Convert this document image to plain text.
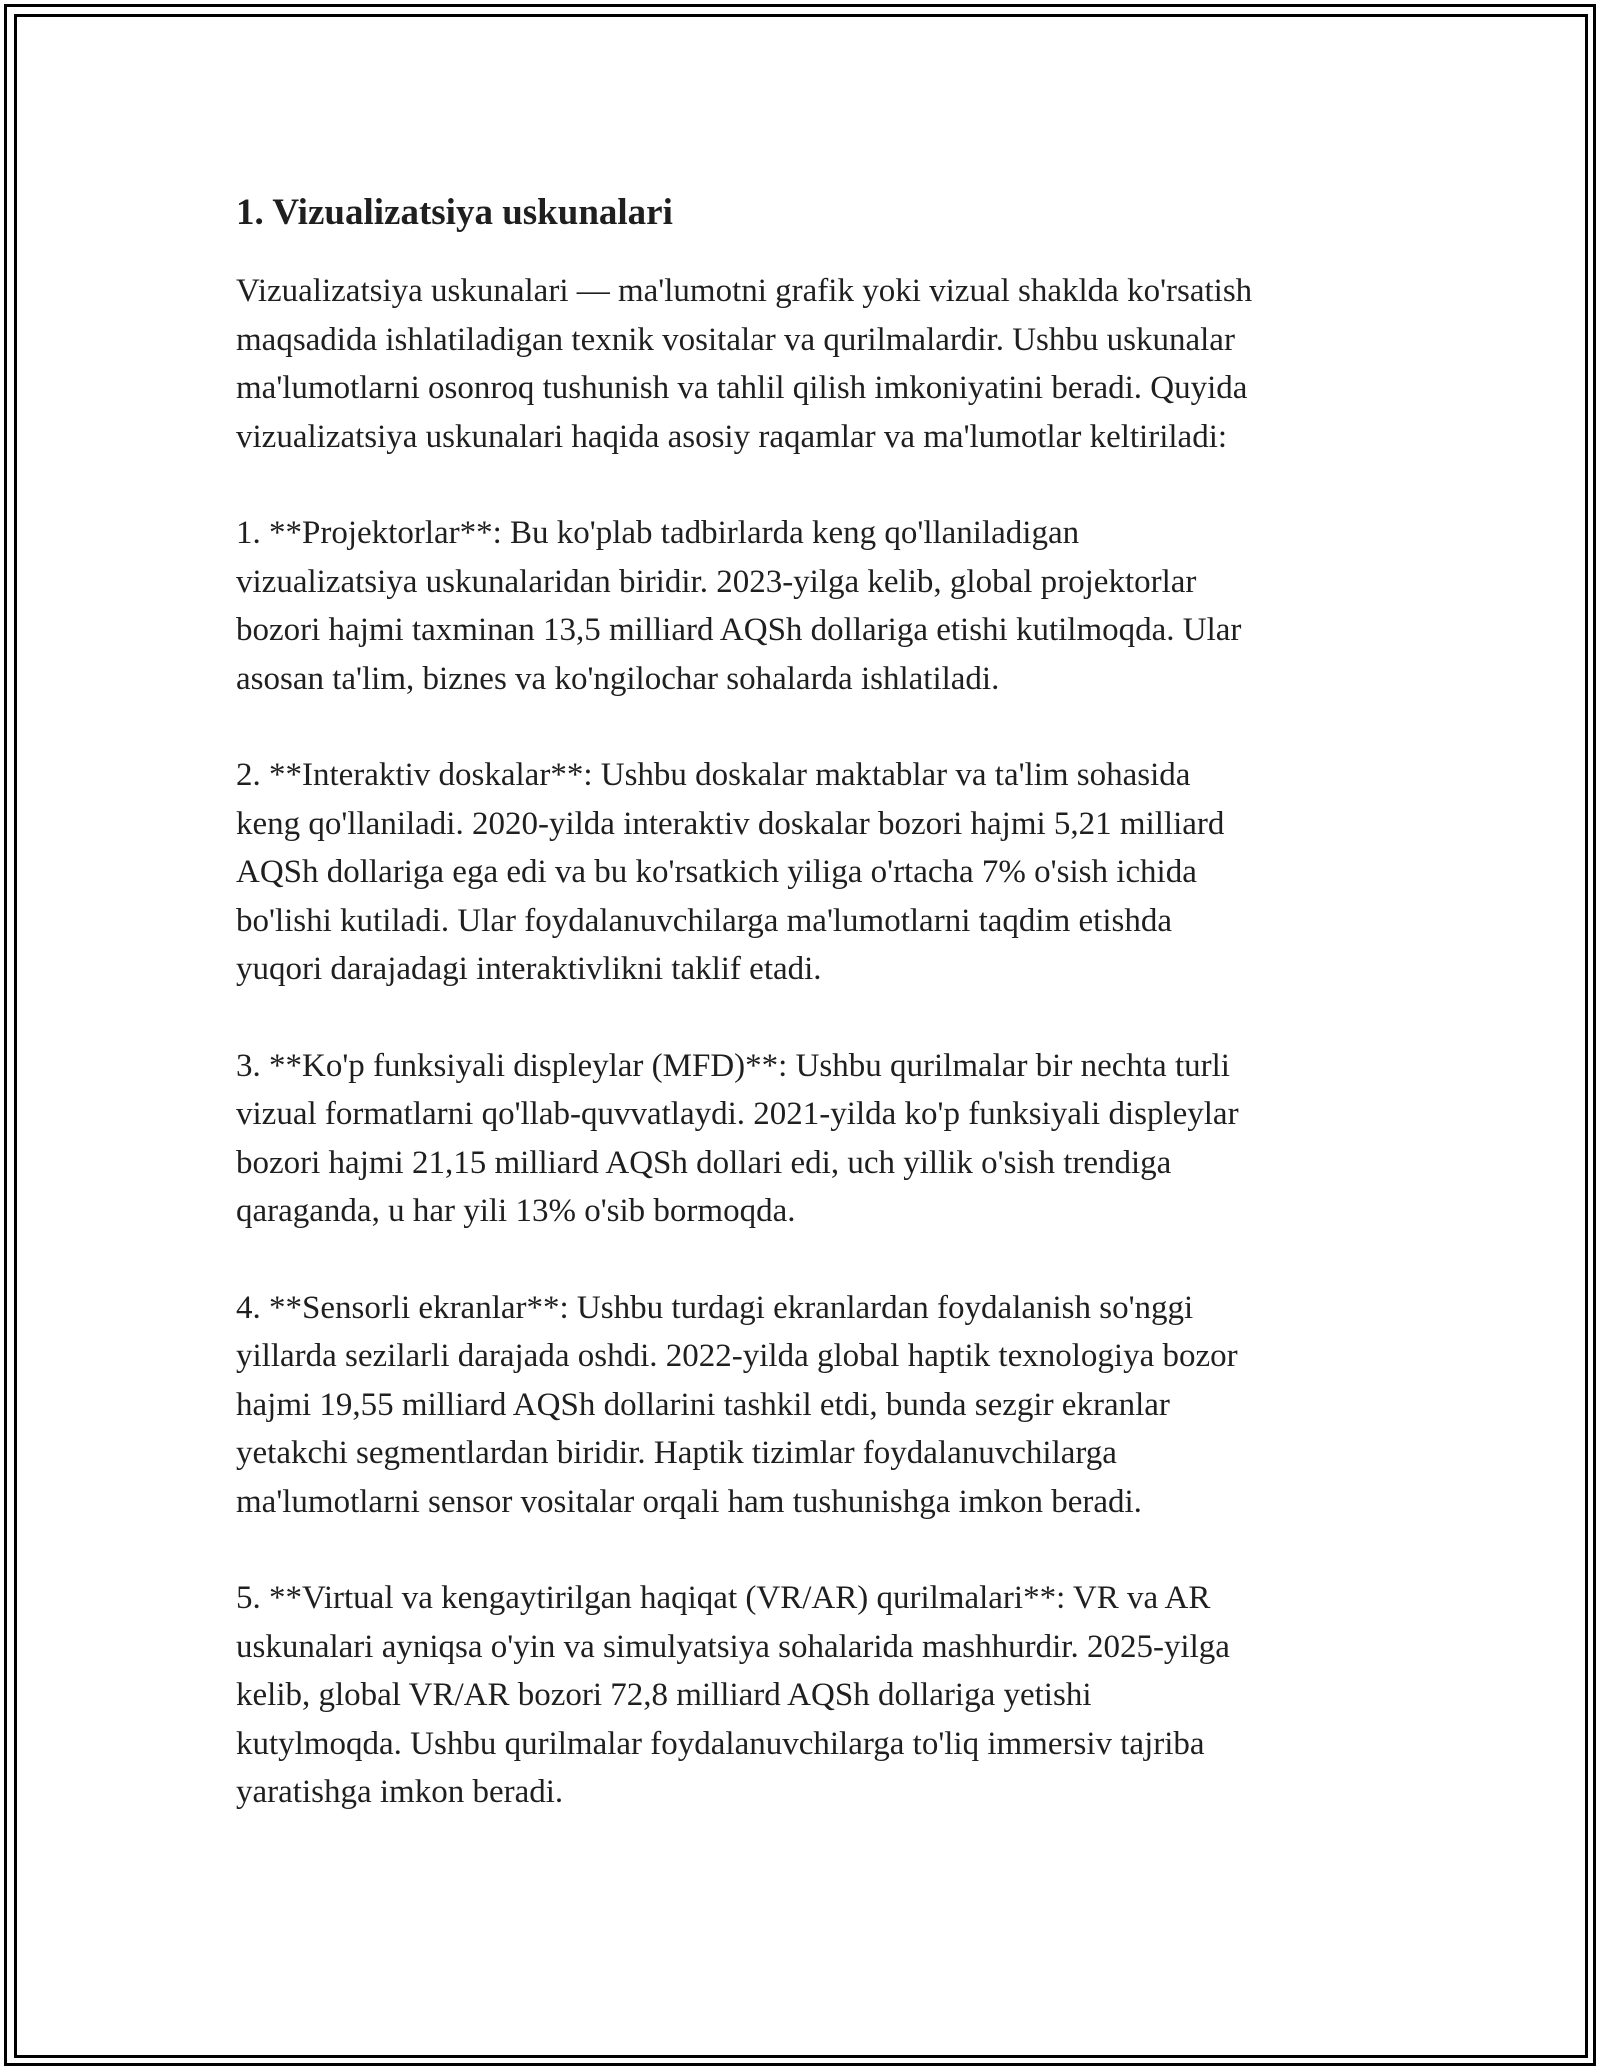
1. Vizualizatsiya uskunalari

Vizualizatsiya uskunalari — ma'lumotni grafik yoki vizual shaklda ko'rsatish
maqsadida ishlatiladigan texnik vositalar va qurilmalardir. Ushbu uskunalar
ma'lumotlarni osonroq tushunish va tahlil qilish imkoniyatini beradi. Quyida
vizualizatsiya uskunalari haqida asosiy raqamlar va ma'lumotlar keltiriladi:

1. **Projektorlar**: Bu ko'plab tadbirlarda keng qo'llaniladigan
vizualizatsiya uskunalaridan biridir. 2023-yilga kelib, global projektorlar
bozori hajmi taxminan 13,5 milliard AQSh dollariga etishi kutilmoqda. Ular
asosan ta'lim, biznes va ko'ngilochar sohalarda ishlatiladi.

2. **Interaktiv doskalar**: Ushbu doskalar maktablar va ta'lim sohasida
keng qo'llaniladi. 2020-yilda interaktiv doskalar bozori hajmi 5,21 milliard
AQSh dollariga ega edi va bu ko'rsatkich yiliga o'rtacha 7% o'sish ichida
bo'lishi kutiladi. Ular foydalanuvchilarga ma'lumotlarni taqdim etishda
yuqori darajadagi interaktivlikni taklif etadi.

3. **Ko'p funksiyali displeylar (MFD)**: Ushbu qurilmalar bir nechta turli
vizual formatlarni qo'llab-quvvatlaydi. 2021-yilda ko'p funksiyali displeylar
bozori hajmi 21,15 milliard AQSh dollari edi, uch yillik o'sish trendiga
qaraganda, u har yili 13% o'sib bormoqda.

4. **Sensorli ekranlar**: Ushbu turdagi ekranlardan foydalanish so'nggi
yillarda sezilarli darajada oshdi. 2022-yilda global haptik texnologiya bozor
hajmi 19,55 milliard AQSh dollarini tashkil etdi, bunda sezgir ekranlar
yetakchi segmentlardan biridir. Haptik tizimlar foydalanuvchilarga
ma'lumotlarni sensor vositalar orqali ham tushunishga imkon beradi.

5. **Virtual va kengaytirilgan haqiqat (VR/AR) qurilmalari**: VR va AR
uskunalari ayniqsa o'yin va simulyatsiya sohalarida mashhurdir. 2025-yilga
kelib, global VR/AR bozori 72,8 milliard AQSh dollariga yetishi
kutylmoqda. Ushbu qurilmalar foydalanuvchilarga to'liq immersiv tajriba
yaratishga imkon beradi.
